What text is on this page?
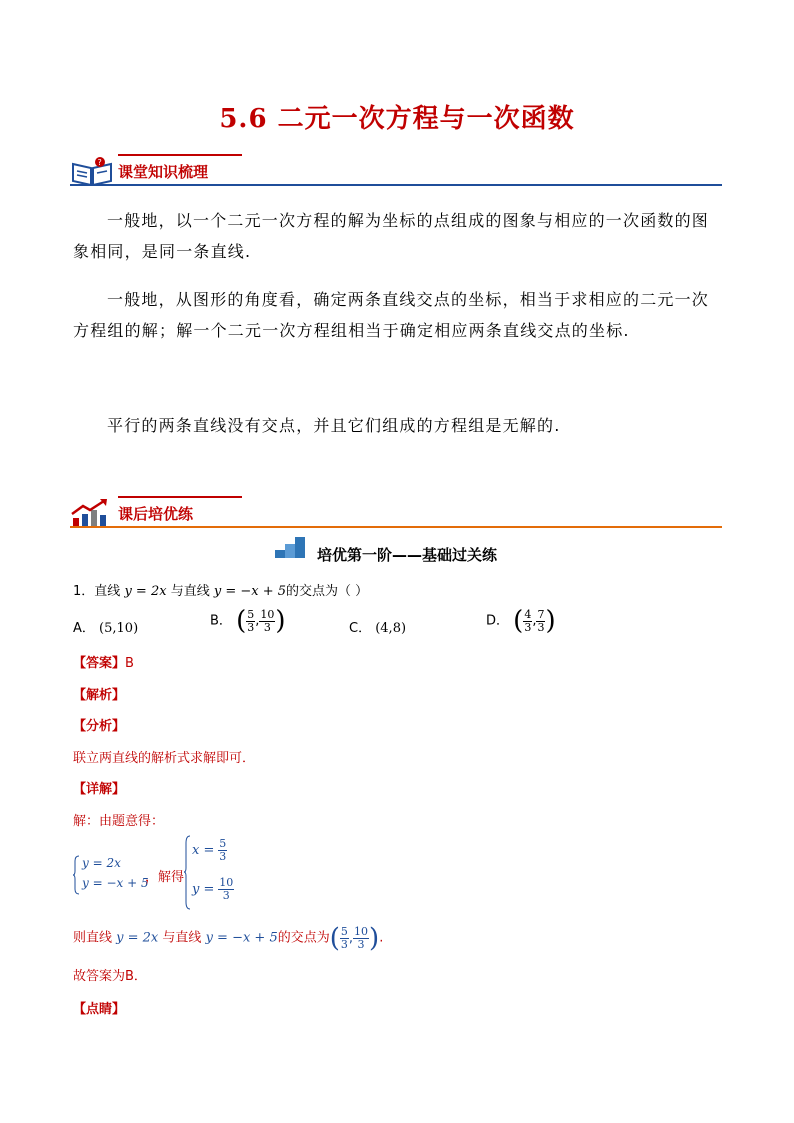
5.6 二元一次方程与一次函数
?
课堂知识梳理
一般地，以一个二元一次方程的解为坐标的点组成的图象与相应的一次函数的图象相同，是同一条直线.
一般地，从图形的角度看，确定两条直线交点的坐标，相当于求相应的二元一次方程组的解；解一个二元一次方程组相当于确定相应两条直线交点的坐标.
平行的两条直线没有交点，并且它们组成的方程组是无解的.
课后培优练
培优第一阶——基础过关练
1．直线 y = 2x 与直线 y = −x + 5的交点为（ ）
A． (5,10)	B． ( $\frac{5}{3}$ , $\frac{10}{3}$ )	C． (4,8)	D． ( $\frac{4}{3}$ , $\frac{7}{3}$ )
【答案】B
【解析】
【分析】
联立两直线的解析式求解即可．
【详解】
解：由题意得：
y = 2x
y = −x + 5
，解得
$x = \frac{5}{3}$
$y = \frac{10}{3}$
则直线 y = 2x 与直线 y = −x + 5的交点为( $\frac{5}{3}$ , $\frac{10}{3}$ ).
故答案为B．
【点睛】
